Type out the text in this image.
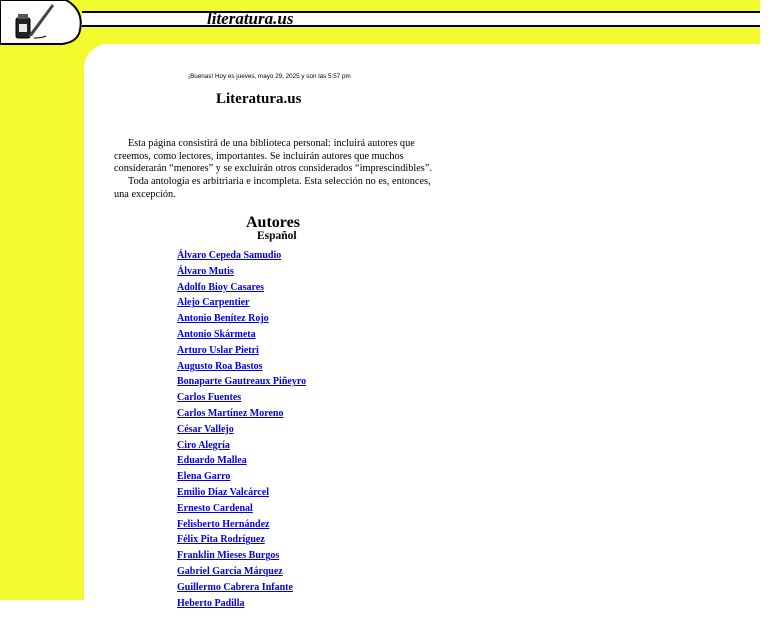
literatura.us
¡Buenas! Hoy es jueves, mayo 29, 2025 y son las 5:57 pm
Literatura.us

Esta página consistirá de una biblioteca personal: incluirá autores que creemos, como lectores, importantes. Se incluirán autores que muchos considerarán “menores” y se excluirán otros considerados “imprescindibles”.

Toda antología es arbitriaria e incompleta. Esta selección no es, entonces, una excepción.

Autores
Español
Álvaro Cepeda Samudio
Álvaro Mutis
Adolfo Bioy Casares
Alejo Carpentier
Antonio Benítez Rojo
Antonio Skármeta
Arturo Uslar Pietri
Augusto Roa Bastos
Bonaparte Gautreaux Piñeyro
Carlos Fuentes
Carlos Martínez Moreno
César Vallejo
Ciro Alegría
Eduardo Mallea
Elena Garro
Emilio Díaz Valcárcel
Ernesto Cardenal
Felisberto Hernández
Félix Pita Rodríguez
Franklin Mieses Burgos
Gabriel García Márquez
Guillermo Cabrera Infante
Heberto Padilla
